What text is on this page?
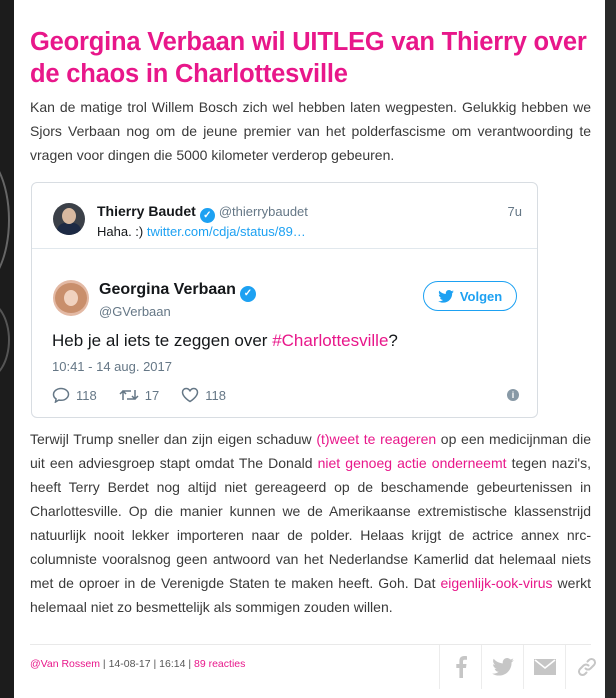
Georgina Verbaan wil UITLEG van Thierry over de chaos in Charlottesville

Kan de matige trol Willem Bosch zich wel hebben laten wegpesten. Gelukkig hebben we Sjors Verbaan nog om de jeune premier van het polderfascisme om verantwoording te vragen voor dingen die 5000 kilometer verderop gebeuren.

Thierry Baudet ✓ @thierrybaudet	7u
Haha. :) twitter.com/cdja/status/89…
Georgina Verbaan ✓
@GVerbaan
Volgen
Heb je al iets te zeggen over #Charlottesville?
10:41 - 14 aug. 2017
118	17	118	i

Terwijl Trump sneller dan zijn eigen schaduw (t)weet te reageren op een medicijnman die uit een adviesgroep stapt omdat The Donald niet genoeg actie onderneemt tegen nazi's, heeft Terry Berdet nog altijd niet gereageerd op de beschamende gebeurtenissen in Charlottesville. Op die manier kunnen we de Amerikaanse extremistische klassenstrijd natuurlijk nooit lekker importeren naar de polder. Helaas krijgt de actrice annex nrc-columniste vooralsnog geen antwoord van het Nederlandse Kamerlid dat helemaal niets met de oproer in de Verenigde Staten te maken heeft. Goh. Dat eigenlijk-ook-virus werkt helemaal niet zo besmettelijk als sommigen zouden willen.

@Van Rossem | 14-08-17 | 16:14 | 89 reacties
